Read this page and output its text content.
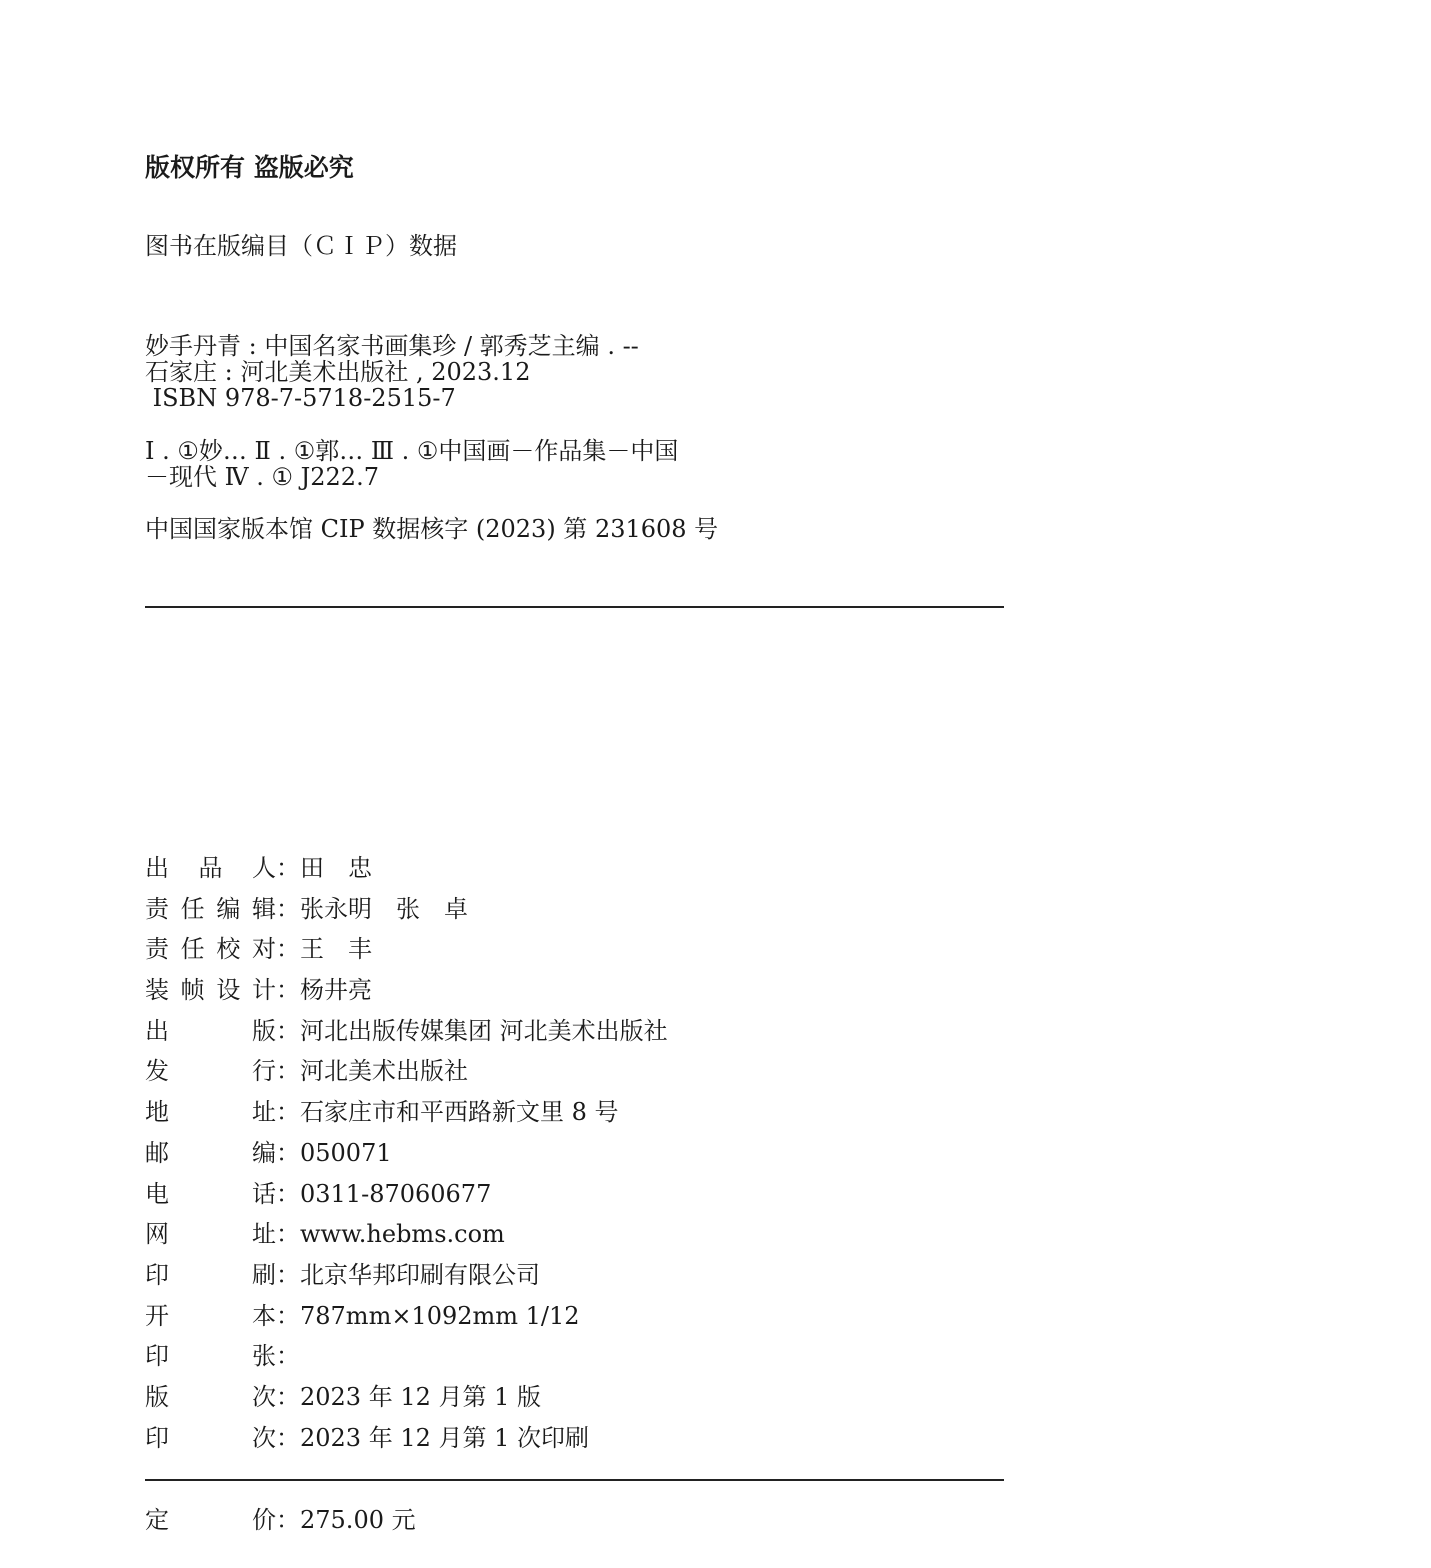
版权所有 盗版必究
图书在版编目（ＣＩＰ）数据
妙手丹青 : 中国名家书画集珍 / 郭秀芝主编 . --
石家庄 : 河北美术出版社 , 2023.12
ISBN 978-7-5718-2515-7
Ⅰ . ①妙… Ⅱ . ①郭… Ⅲ . ①中国画－作品集－中国
－现代 Ⅳ . ① J222.7
中国国家版本馆 CIP 数据核字 (2023) 第 231608 号
出 品 人 ： 田　忠
责 任 编 辑 ： 张永明　张　卓
责 任 校 对 ： 王　丰
装 帧 设 计 ： 杨井亮
出	版 ： 河北出版传媒集团 河北美术出版社
发	行 ： 河北美术出版社
地	址 ： 石家庄市和平西路新文里 8 号
邮	编 ： 050071
电	话 ： 0311-87060677
网	址 ： www.hebms.com
印	刷 ： 北京华邦印刷有限公司
开	本 ： 787mm×1092mm 1/12
印	张 ：
版	次 ： 2023 年 12 月第 1 版
印	次 ： 2023 年 12 月第 1 次印刷
定	价 ： 275.00 元
